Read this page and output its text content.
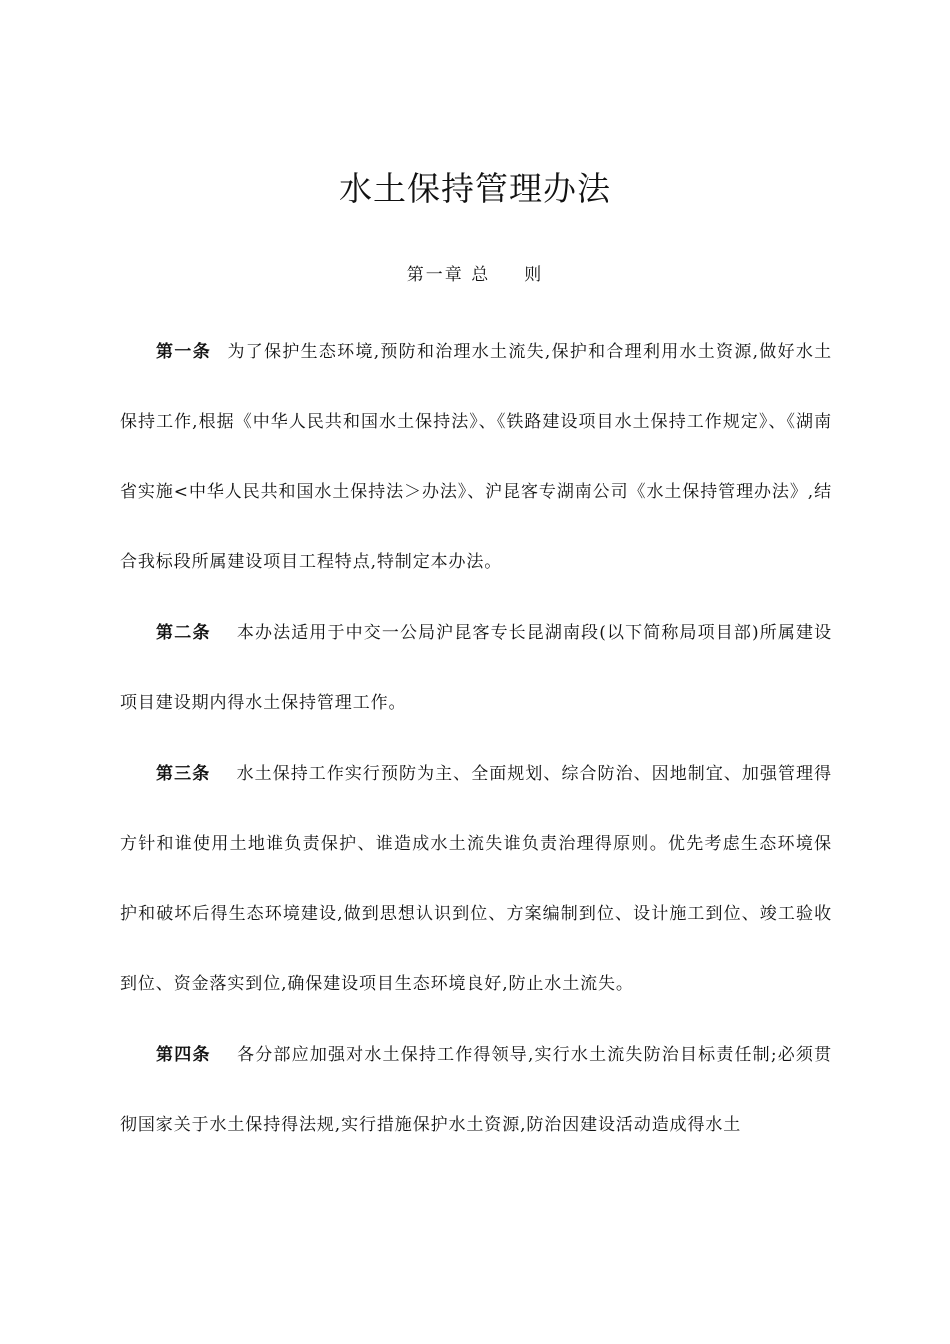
水土保持管理办法
第一章 总 则

第一条 为了保护生态环境,预防和治理水土流失,保护和合理利用水土资源,做好水土保持工作,根据《中华人民共和国水土保持法》、《铁路建设项目水土保持工作规定》、《湖南省实施<中华人民共和国水土保持法＞办法》、沪昆客专湖南公司《水土保持管理办法》,结合我标段所属建设项目工程特点,特制定本办法。

第二条 本办法适用于中交一公局沪昆客专长昆湖南段(以下简称局项目部)所属建设项目建设期内得水土保持管理工作。

第三条 水土保持工作实行预防为主、全面规划、综合防治、因地制宜、加强管理得方针和谁使用土地谁负责保护、谁造成水土流失谁负责治理得原则。优先考虑生态环境保护和破坏后得生态环境建设,做到思想认识到位、方案编制到位、设计施工到位、竣工验收到位、资金落实到位,确保建设项目生态环境良好,防止水土流失。

第四条 各分部应加强对水土保持工作得领导,实行水土流失防治目标责任制;必须贯彻国家关于水土保持得法规,实行措施保护水土资源,防治因建设活动造成得水土
